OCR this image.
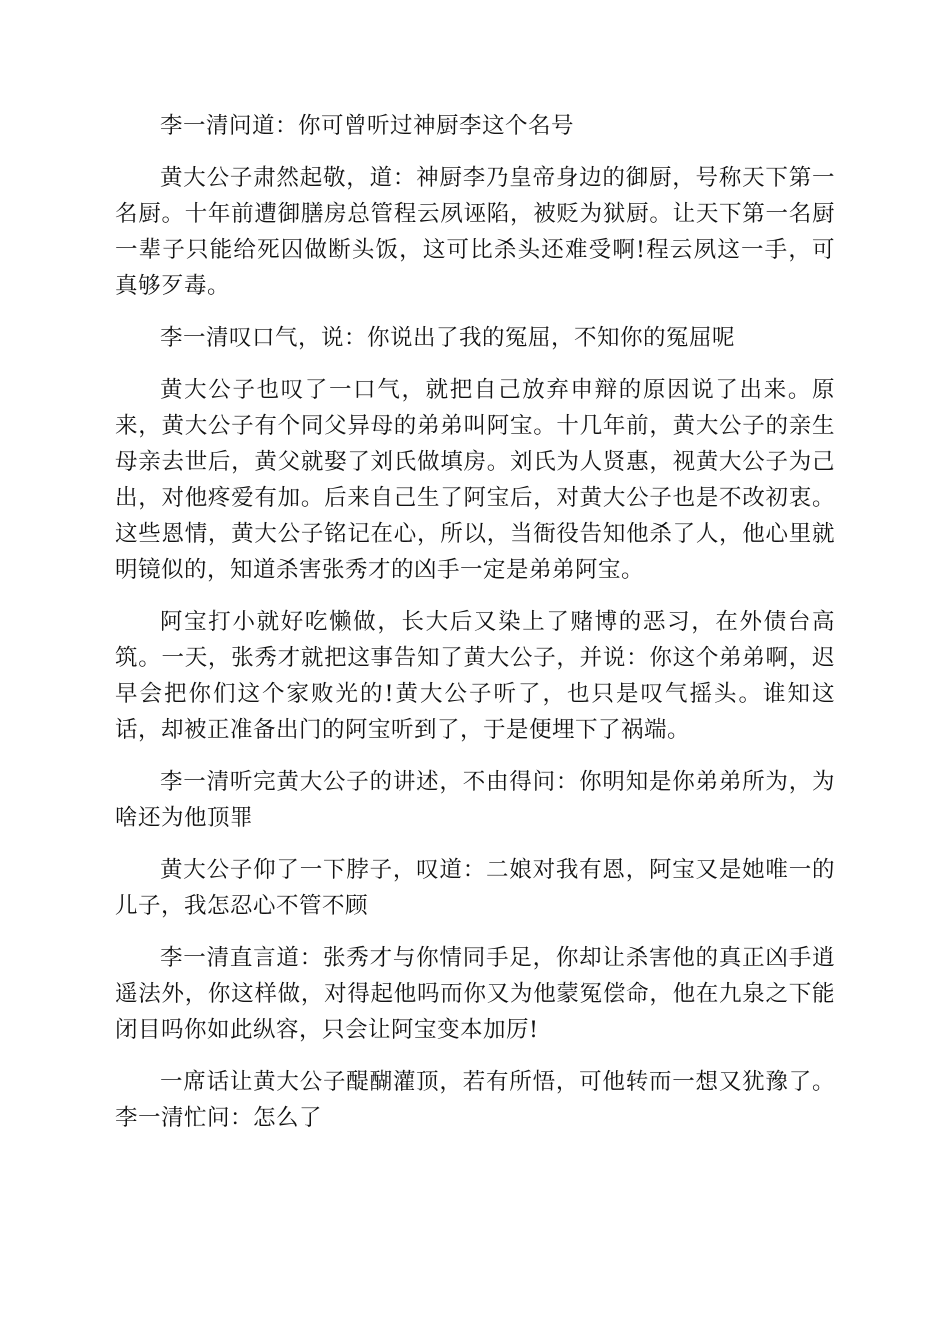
李一清问道：你可曾听过神厨李这个名号

黄大公子肃然起敬，道：神厨李乃皇帝身边的御厨，号称天下第一名厨。十年前遭御膳房总管程云夙诬陷，被贬为狱厨。让天下第一名厨一辈子只能给死囚做断头饭，这可比杀头还难受啊!程云夙这一手，可真够歹毒。

李一清叹口气，说：你说出了我的冤屈，不知你的冤屈呢

黄大公子也叹了一口气，就把自己放弃申辩的原因说了出来。原来，黄大公子有个同父异母的弟弟叫阿宝。十几年前，黄大公子的亲生母亲去世后，黄父就娶了刘氏做填房。刘氏为人贤惠，视黄大公子为己出，对他疼爱有加。后来自己生了阿宝后，对黄大公子也是不改初衷。这些恩情，黄大公子铭记在心，所以，当衙役告知他杀了人，他心里就明镜似的，知道杀害张秀才的凶手一定是弟弟阿宝。

阿宝打小就好吃懒做，长大后又染上了赌博的恶习，在外债台高筑。一天，张秀才就把这事告知了黄大公子，并说：你这个弟弟啊，迟早会把你们这个家败光的!黄大公子听了，也只是叹气摇头。谁知这话，却被正准备出门的阿宝听到了，于是便埋下了祸端。

李一清听完黄大公子的讲述，不由得问：你明知是你弟弟所为，为啥还为他顶罪

黄大公子仰了一下脖子，叹道：二娘对我有恩，阿宝又是她唯一的儿子，我怎忍心不管不顾

李一清直言道：张秀才与你情同手足，你却让杀害他的真正凶手逍遥法外，你这样做，对得起他吗而你又为他蒙冤偿命，他在九泉之下能闭目吗你如此纵容，只会让阿宝变本加厉!

一席话让黄大公子醍醐灌顶，若有所悟，可他转而一想又犹豫了。李一清忙问：怎么了
